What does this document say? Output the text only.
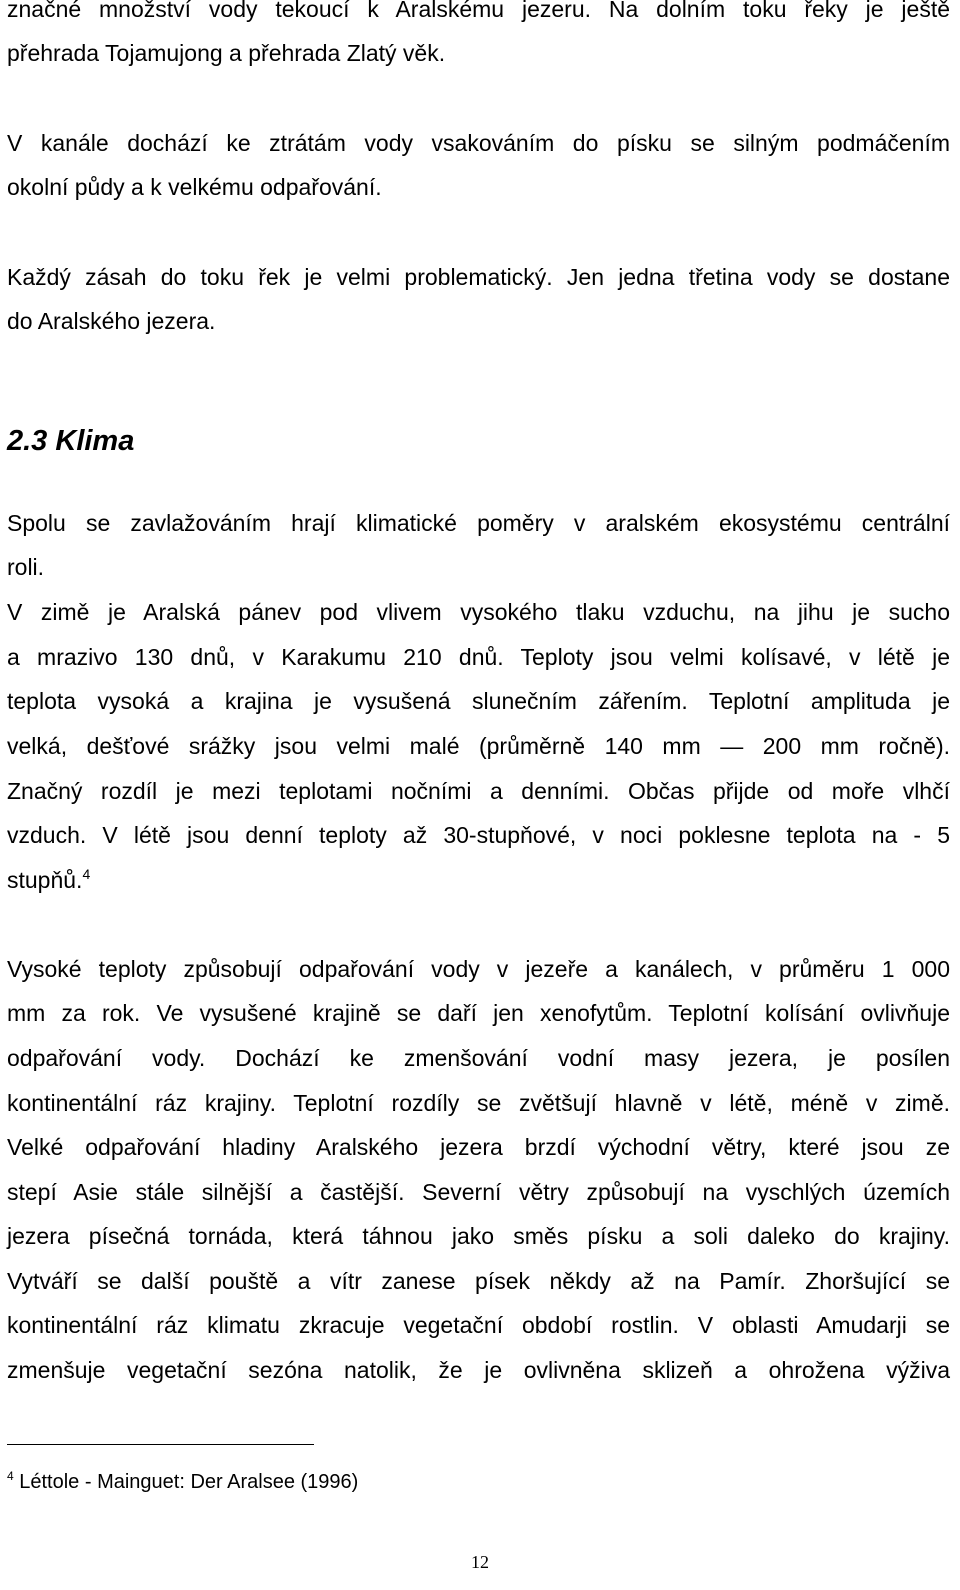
značné množství vody tekoucí k Aralskému jezeru. Na dolním toku řeky je ještě
přehrada Tojamujong a přehrada Zlatý věk.
V kanále dochází ke ztrátám vody vsakováním do písku se silným podmáčením
okolní půdy a k velkému odpařování.
Každý zásah do toku řek je velmi problematický. Jen jedna třetina vody se dostane
do Aralského jezera.
2.3 Klima
Spolu se zavlažováním hrají klimatické poměry v aralském ekosystému centrální
roli.
V zimě je Aralská pánev pod vlivem vysokého tlaku vzduchu, na jihu je sucho
a mrazivo 130 dnů, v Karakumu 210 dnů. Teploty jsou velmi kolísavé, v létě je
teplota vysoká a krajina je vysušená slunečním zářením. Teplotní amplituda je
velká, dešťové srážky jsou velmi malé (průměrně 140 mm — 200 mm ročně).
Značný rozdíl je mezi teplotami nočními a denními. Občas přijde od moře vlhčí
vzduch. V létě jsou denní teploty až 30-stupňové, v noci poklesne teplota na - 5
stupňů.$^4$
Vysoké teploty způsobují odpařování vody v jezeře a kanálech, v průměru 1 000
mm za rok. Ve vysušené krajině se daří jen xenofytům. Teplotní kolísání ovlivňuje
odpařování vody. Dochází ke zmenšování vodní masy jezera, je posílen
kontinentální ráz krajiny. Teplotní rozdíly se zvětšují hlavně v létě, méně v zimě.
Velké odpařování hladiny Aralského jezera brzdí východní větry, které jsou ze
stepí Asie stále silnější a častější. Severní větry způsobují na vyschlých územích
jezera písečná tornáda, která táhnou jako směs písku a soli daleko do krajiny.
Vytváří se další pouště a vítr zanese písek někdy až na Pamír. Zhoršující se
kontinentální ráz klimatu zkracuje vegetační období rostlin. V oblasti Amudarji se
zmenšuje vegetační sezóna natolik, že je ovlivněna sklizeň a ohrožena výživa
$^4$ Léttole - Mainguet: Der Aralsee (1996)
12
